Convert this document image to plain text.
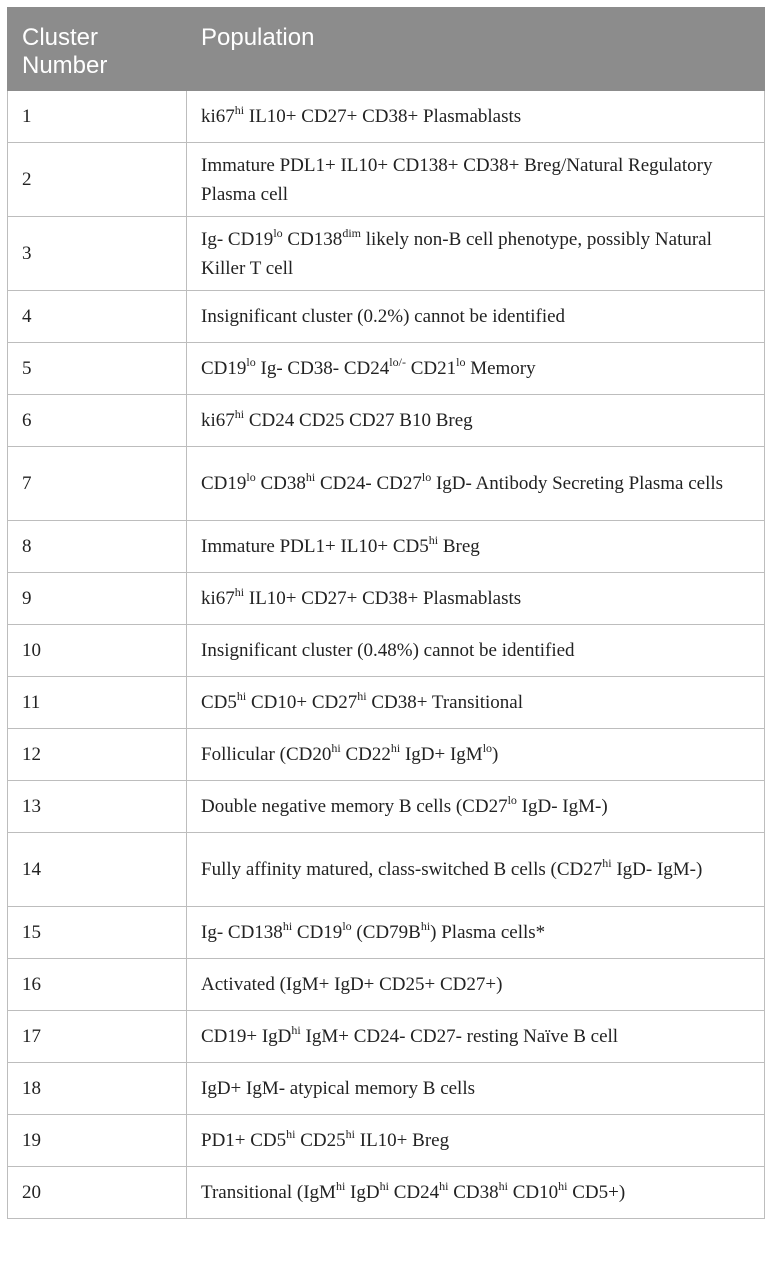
Cluster
Number	Population
1	$ki67^{hi}$ IL10+ CD27+ CD38+ Plasmablasts
2	Immature PDL1+ IL10+ CD138+ CD38+ Breg/Natural Regulatory Plasma cell
3	Ig- $CD19^{lo}$ $CD138^{dim}$ likely non-B cell phenotype, possibly Natural Killer T cell
4	Insignificant cluster (0.2%) cannot be identified
5	$CD19^{lo}$ Ig- CD38- $CD24^{lo/-}$ $CD21^{lo}$ Memory
6	$ki67^{hi}$ CD24 CD25 CD27 B10 Breg
7	$CD19^{lo}$ $CD38^{hi}$ CD24- $CD27^{lo}$ IgD- Antibody Secreting Plasma cells
8	Immature $PDL1+ IL10+ CD5^{hi}$ Breg
9	$ki67^{hi}$ IL10+ CD27+ CD38+ Plasmablasts
10	Insignificant cluster (0.48%) cannot be identified
11	$CD5^{hi}$ $CD10+ CD27^{hi}$ CD38+ Transitional
12	Follicular ($CD20^{hi}$ $CD22^{hi}$ IgD+ IgM$^{lo}$)
13	Double negative memory B cells ($CD27^{lo}$ IgD- IgM-)
14	Fully affinity matured, class-switched B cells ($CD27^{hi}$ IgD- IgM-)
15	Ig- $CD138^{hi}$ $CD19^{lo}$ $(CD79B^{hi})$ Plasma cells*
16	Activated (IgM+ IgD+ CD25+ CD27+)
17	CD19+ IgD$^{hi}$ IgM+ CD24- CD27- resting Naïve B cell
18	IgD+ IgM- atypical memory B cells
19	$PD1+ CD5^{hi}$ $CD25^{hi}$ IL10+ Breg
20	Transitional (IgM$^{hi}$ IgD$^{hi}$ $CD24^{hi}$ $CD38^{hi}$ $CD10^{hi}$ CD5+)
